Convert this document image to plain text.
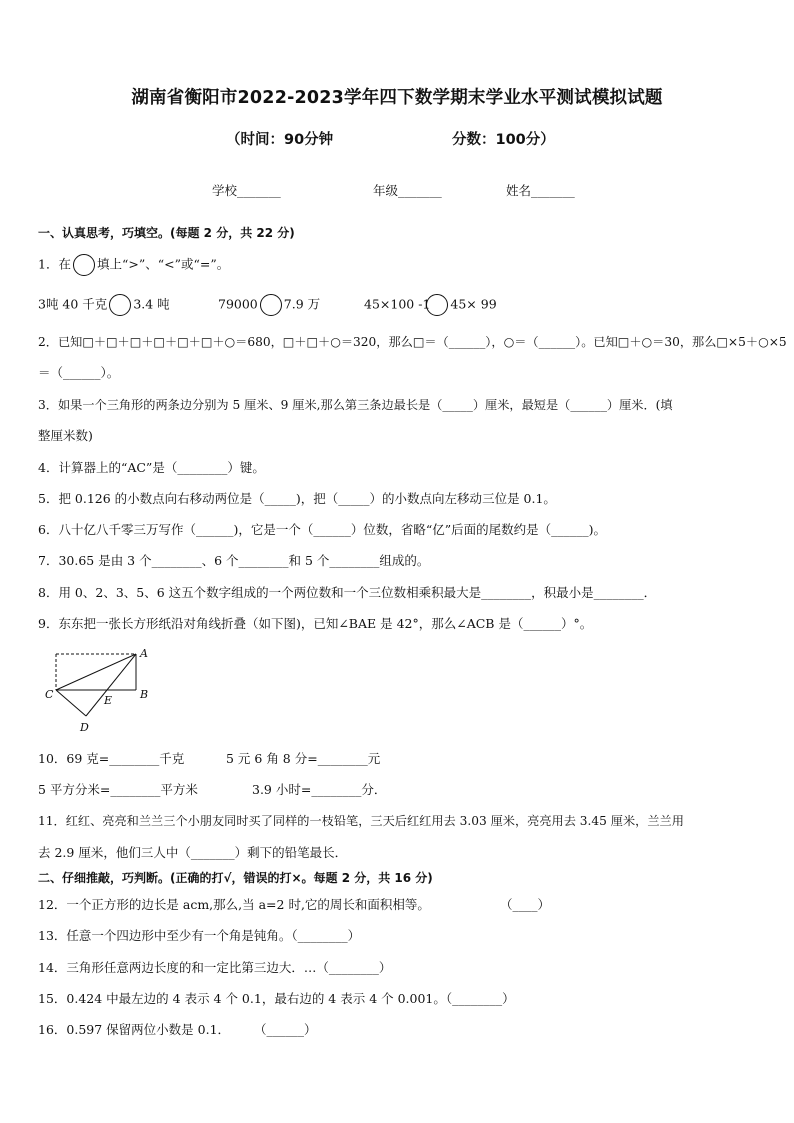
湖南省衡阳市2022-2023学年四下数学期末学业水平测试模拟试题
（时间：90分钟	分数：100分）
学校_______	年级_______	姓名_______
一、认真思考，巧填空。(每题 2 分，共 22 分)
1．在 填上“>”、“<”或“=”。
3吨 40 千克 3.4 吨	79000 7.9 万	45×100 -1 45× 99
2．已知□＋□＋□＋□＋□＋□＋○＝680，□＋□＋○＝320，那么□＝（______），○＝（______）。已知□＋○＝30，那么□×5＋○×5
＝（______）。
3．如果一个三角形的两条边分别为 5 厘米、9 厘米,那么第三条边最长是（_____）厘米，最短是（______）厘米．(填
整厘米数)
4．计算器上的“AC”是（________）键。
5．把 0.126 的小数点向右移动两位是（_____)，把（_____）的小数点向左移动三位是 0.1。
6．八十亿八千零三万写作（______)，它是一个（______）位数，省略“亿”后面的尾数约是（______)。
7．30.65 是由 3 个________、6 个________和 5 个________组成的。
8．用 0、2、3、5、6 这五个数字组成的一个两位数和一个三位数相乘积最大是________，积最小是________．
9．东东把一张长方形纸沿对角线折叠（如下图)，已知∠BAE 是 42°，那么∠ACB 是（______）°。
A
B
C
D
E
10．69 克=________千克	5 元 6 角 8 分=________元
5 平方分米=________平方米	3.9 小时=________分．
11．红红、亮亮和兰兰三个小朋友同时买了同样的一枝铅笔，三天后红红用去 3.03 厘米，亮亮用去 3.45 厘米，兰兰用
去 2.9 厘米，他们三人中（_______）剩下的铅笔最长．
二、仔细推敲，巧判断。(正确的打√，错误的打×。每题 2 分，共 16 分)
12．一个正方形的边长是 acm,那么,当 a=2 时,它的周长和面积相等。	（____）
13．任意一个四边形中至少有一个角是钝角。（________）
14．三角形任意两边长度的和一定比第三边大．…（________）
15．0.424 中最左边的 4 表示 4 个 0.1，最右边的 4 表示 4 个 0.001。（________）
16．0.597 保留两位小数是 0.1． （______）
